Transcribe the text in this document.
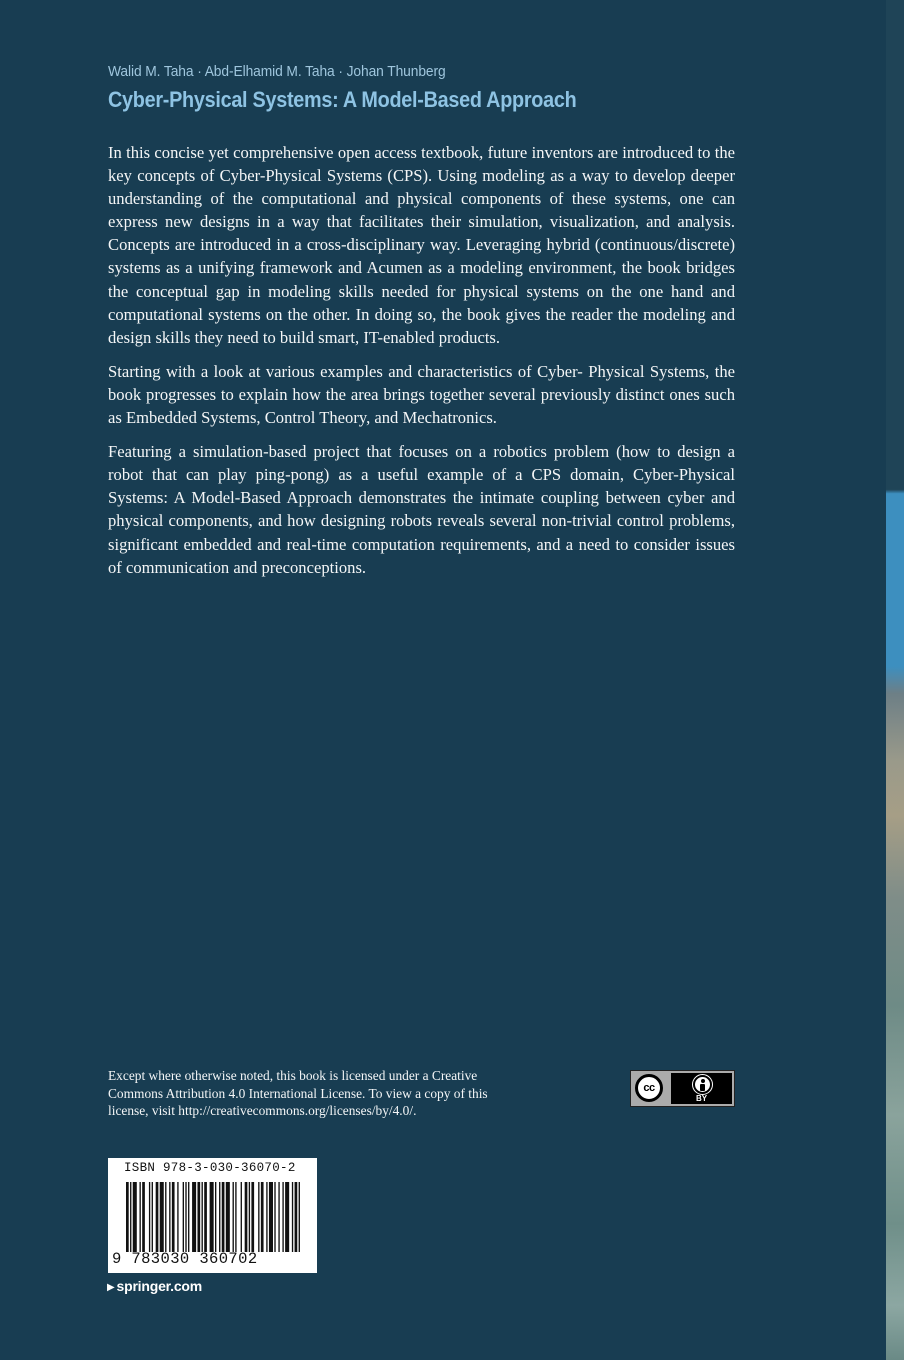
Walid M. Taha · Abd-Elhamid M. Taha · Johan Thunberg
Cyber-Physical Systems: A Model-Based Approach

In this concise yet comprehensive open access textbook, future inventors are introduced to the key concepts of Cyber-Physical Systems (CPS). Using modeling as a way to develop deeper understanding of the computational and physical components of these systems, one can express new designs in a way that facilitates their simulation, visualization, and analysis. Concepts are introduced in a cross-disciplinary way. Leveraging hybrid (continuous/discrete) systems as a unifying framework and Acumen as a modeling environment, the book bridges the conceptual gap in modeling skills needed for physical systems on the one hand and computational systems on the other. In doing so, the book gives the reader the modeling and design skills they need to build smart, IT-enabled products.

Starting with a look at various examples and characteristics of Cyber- Physical Systems, the book progresses to explain how the area brings together several previously distinct ones such as Embedded Systems, Control Theory, and Mechatronics.

Featuring a simulation-based project that focuses on a robotics problem (how to design a robot that can play ping-pong) as a useful example of a CPS domain, Cyber-Physical Systems: A Model-Based Approach demonstrates the intimate coupling between cyber and physical components, and how designing robots reveals several non-trivial control problems, significant embedded and real-time computation requirements, and a need to consider issues of communication and preconceptions.

Except where otherwise noted, this book is licensed under a Creative Commons Attribution 4.0 International License. To view a copy of this license, visit http://creativecommons.org/licenses/by/4.0/.
cc
BY
ISBN 978-3-030-36070-2
9 783030 360702
▶ springer.com
